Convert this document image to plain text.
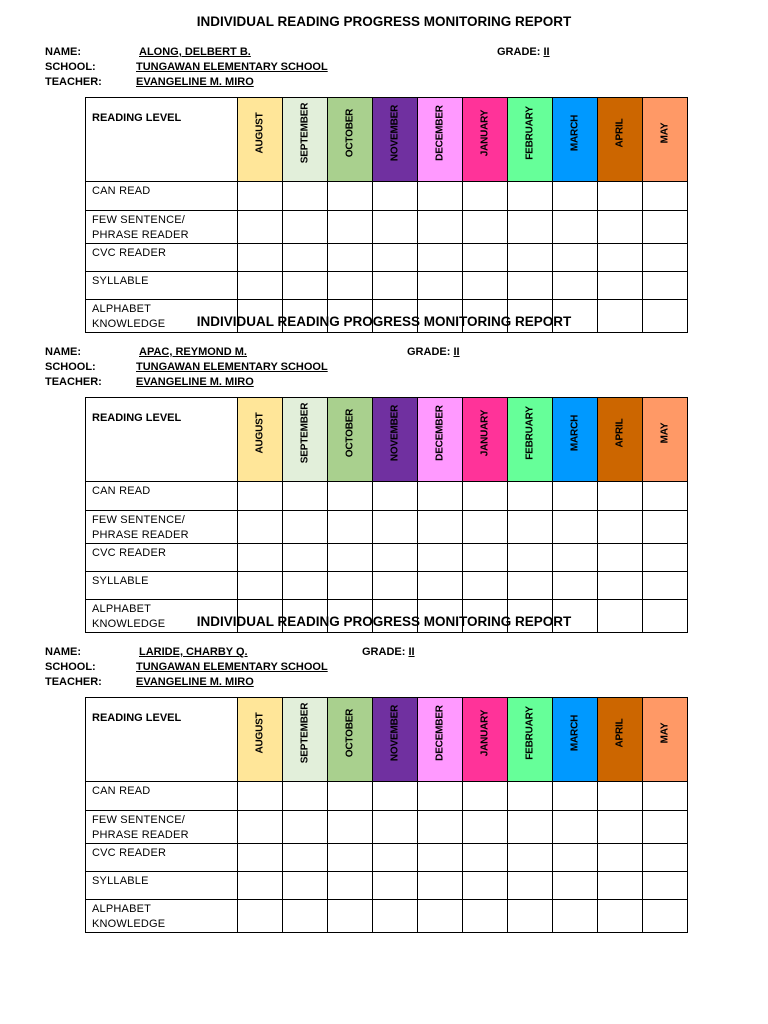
INDIVIDUAL READING PROGRESS MONITORING REPORT
NAME:	ALONG, DELBERT B.
SCHOOL:	TUNGAWAN ELEMENTARY SCHOOL
TEACHER:	EVANGELINE M. MIRO
GRADE: II
READING LEVEL	AUGUST	SEPTEMBER	OCTOBER	NOVEMBER	DECEMBER	JANUARY	FEBRUARY	MARCH	APRIL	MAY

CAN READ										
FEW SENTENCE/
PHRASE READER										
CVC READER										
SYLLABLE										
ALPHABET
KNOWLEDGE											INDIVIDUAL READING PROGRESS MONITORING REPORT
NAME:	APAC, REYMOND M.
SCHOOL:	TUNGAWAN ELEMENTARY SCHOOL
TEACHER:	EVANGELINE M. MIRO
GRADE: II
READING LEVEL	AUGUST	SEPTEMBER	OCTOBER	NOVEMBER	DECEMBER	JANUARY	FEBRUARY	MARCH	APRIL	MAY

CAN READ										
FEW SENTENCE/
PHRASE READER										
CVC READER										
SYLLABLE										
ALPHABET
KNOWLEDGE											INDIVIDUAL READING PROGRESS MONITORING REPORT
NAME:	LARIDE, CHARBY Q.
SCHOOL:	TUNGAWAN ELEMENTARY SCHOOL
TEACHER:	EVANGELINE M. MIRO
GRADE: II
READING LEVEL	AUGUST	SEPTEMBER	OCTOBER	NOVEMBER	DECEMBER	JANUARY	FEBRUARY	MARCH	APRIL	MAY

CAN READ										
FEW SENTENCE/
PHRASE READER										
CVC READER										
SYLLABLE										
ALPHABET
KNOWLEDGE										
